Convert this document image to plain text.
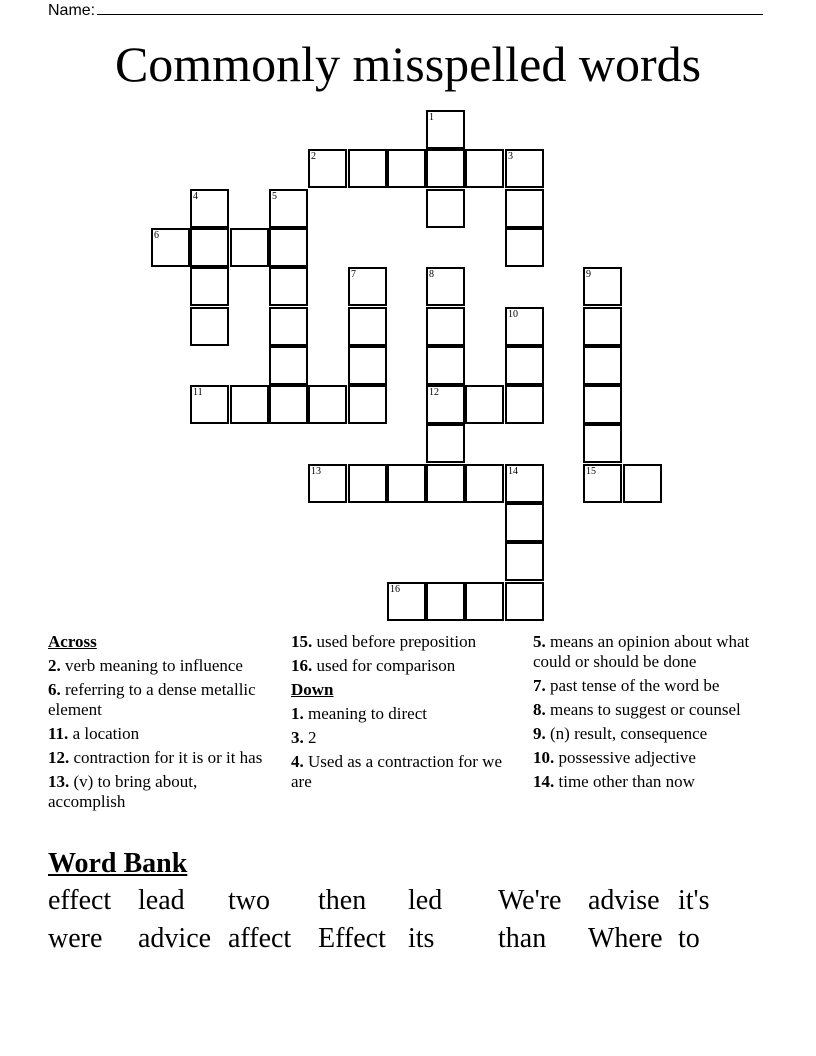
Name:
Commonly misspelled words
1
2	3
4	5
6
7	8	9
10
11	12
13	14	15
16
Across
2. verb meaning to influence
6. referring to a dense metallic element
11. a location
12. contraction for it is or it has
13. (v) to bring about, accomplish
15. used before preposition
16. used for comparison
Down
1. meaning to direct
3. 2
4. Used as a contraction for we are
5. means an opinion about what could or should be done
7. past tense of the word be
8. means to suggest or counsel
9. (n) result, consequence
10. possessive adjective
14. time other than now
Word Bank
effect lead two then led We're advise it's
were advice affect Effect its than Where to
